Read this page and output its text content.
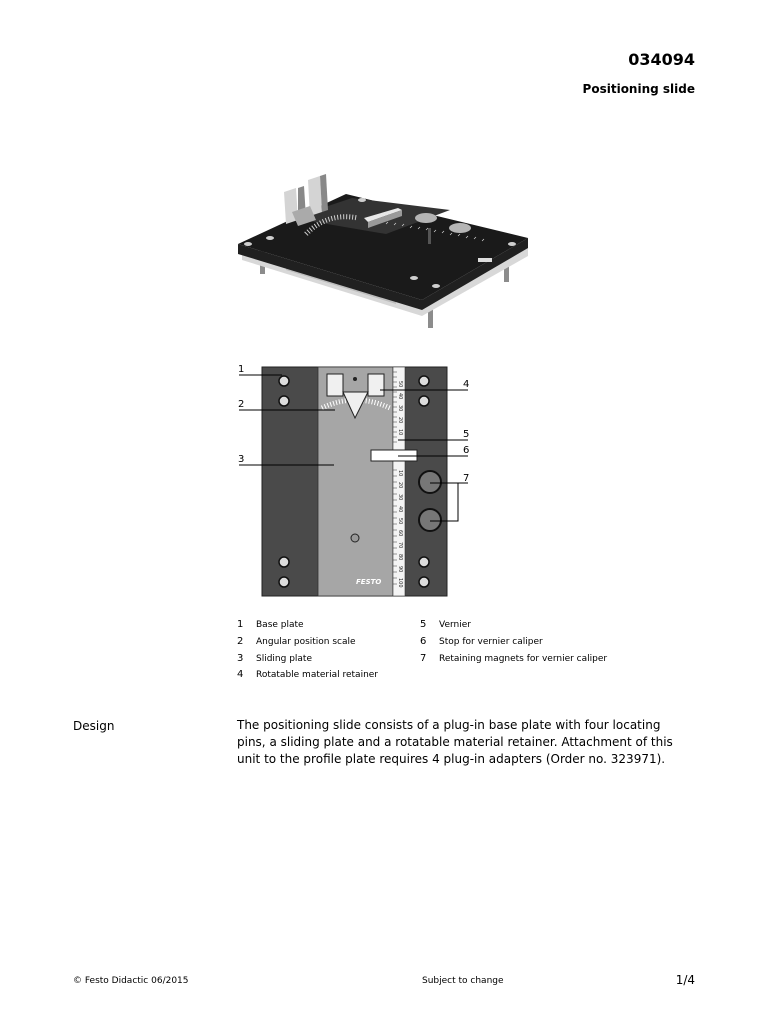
034094
Positioning slide
50
40
30
20
10
10
20
30
40
50
60
70
80
90
100
FESTO
1
2
3
4
5
6
7
1	Base plate
2	Angular position scale
3	Sliding plate
4	Rotatable material retainer
5	Vernier
6	Stop for vernier caliper
7	Retaining magnets for vernier caliper
Design	The positioning slide consists of a plug-in base plate with four locating pins, a sliding plate and a rotatable material retainer. Attachment of this unit to the profile plate requires 4 plug-in adapters (Order no. 323971).
© Festo Didactic 06/2015	Subject to change	1/4
